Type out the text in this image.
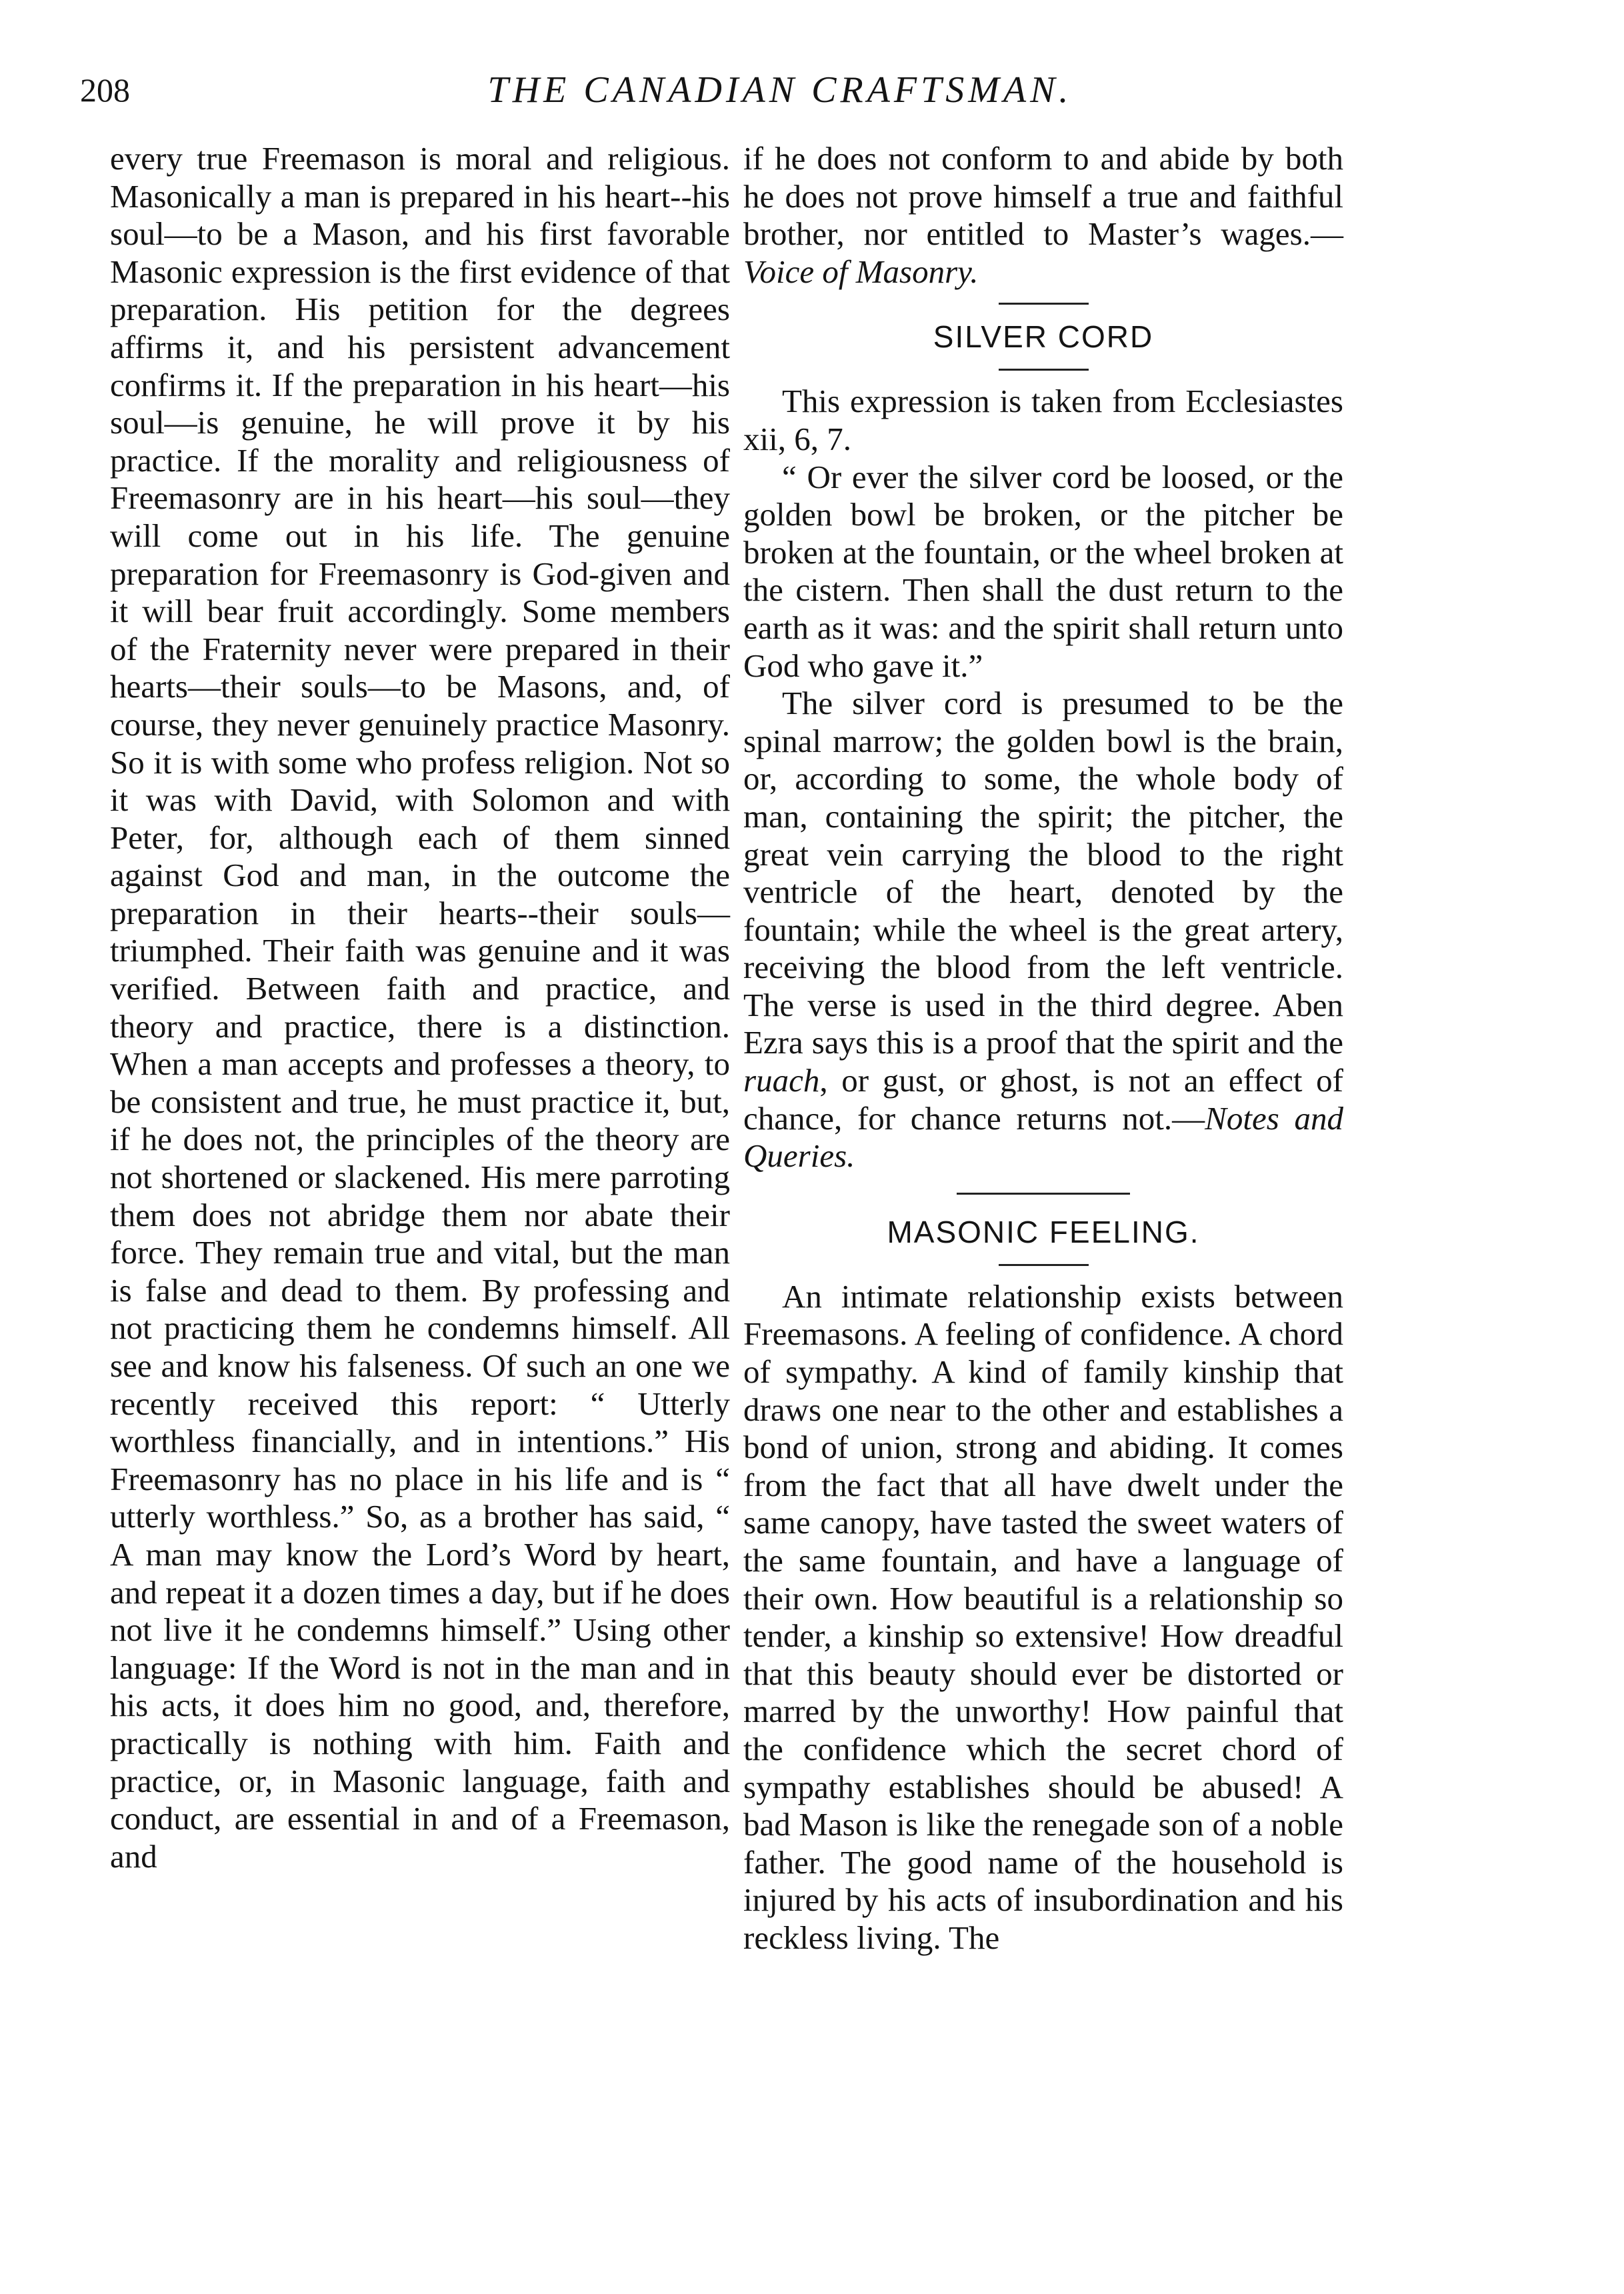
208	THE CANADIAN CRAFTSMAN.

every true Freemason is moral and religious. Masonically a man is prepared in his heart--his soul—to be a Mason, and his first favorable Masonic expression is the first evidence of that preparation. His petition for the degrees affirms it, and his persistent advancement confirms it. If the preparation in his heart—his soul—is genuine, he will prove it by his practice. If the morality and religiousness of Freemasonry are in his heart—his soul—they will come out in his life. The genuine preparation for Freemasonry is God-given and it will bear fruit accordingly. Some members of the Fraternity never were prepared in their hearts—their souls—to be Masons, and, of course, they never genuinely practice Masonry. So it is with some who profess religion. Not so it was with David, with Solomon and with Peter, for, although each of them sinned against God and man, in the outcome the preparation in their hearts--their souls—triumphed. Their faith was genuine and it was verified. Between faith and practice, and theory and practice, there is a distinction. When a man accepts and professes a theory, to be consistent and true, he must practice it, but, if he does not, the principles of the theory are not shortened or slackened. His mere parroting them does not abridge them nor abate their force. They remain true and vital, but the man is false and dead to them. By professing and not practicing them he condemns himself. All see and know his falseness. Of such an one we recently received this report: “ Utterly worthless financially, and in intentions.” His Freemasonry has no place in his life and is “ utterly worthless.” So, as a brother has said, “ A man may know the Lord’s Word by heart, and repeat it a dozen times a day, but if he does not live it he condemns himself.” Using other language: If the Word is not in the man and in his acts, it does him no good, and, therefore, practically is nothing with him. Faith and practice, or, in Masonic language, faith and conduct, are essential in and of a Freemason, and

if he does not conform to and abide by both he does not prove himself a true and faithful brother, nor entitled to Master’s wages.—Voice of Masonry.

SILVER CORD

This expression is taken from Ecclesiastes xii, 6, 7.

“ Or ever the silver cord be loosed, or the golden bowl be broken, or the pitcher be broken at the fountain, or the wheel broken at the cistern. Then shall the dust return to the earth as it was: and the spirit shall return unto God who gave it.”

The silver cord is presumed to be the spinal marrow; the golden bowl is the brain, or, according to some, the whole body of man, containing the spirit; the pitcher, the great vein carrying the blood to the right ventricle of the heart, denoted by the fountain; while the wheel is the great artery, receiving the blood from the left ventricle. The verse is used in the third degree. Aben Ezra says this is a proof that the spirit and the ruach, or gust, or ghost, is not an effect of chance, for chance returns not.—Notes and Queries.

MASONIC FEELING.

An intimate relationship exists between Freemasons. A feeling of confidence. A chord of sympathy. A kind of family kinship that draws one near to the other and establishes a bond of union, strong and abiding. It comes from the fact that all have dwelt under the same canopy, have tasted the sweet waters of the same fountain, and have a language of their own. How beautiful is a relationship so tender, a kinship so extensive! How dreadful that this beauty should ever be distorted or marred by the unworthy! How painful that the confidence which the secret chord of sympathy establishes should be abused! A bad Mason is like the renegade son of a noble father. The good name of the household is injured by his acts of insubordination and his reckless living. The
